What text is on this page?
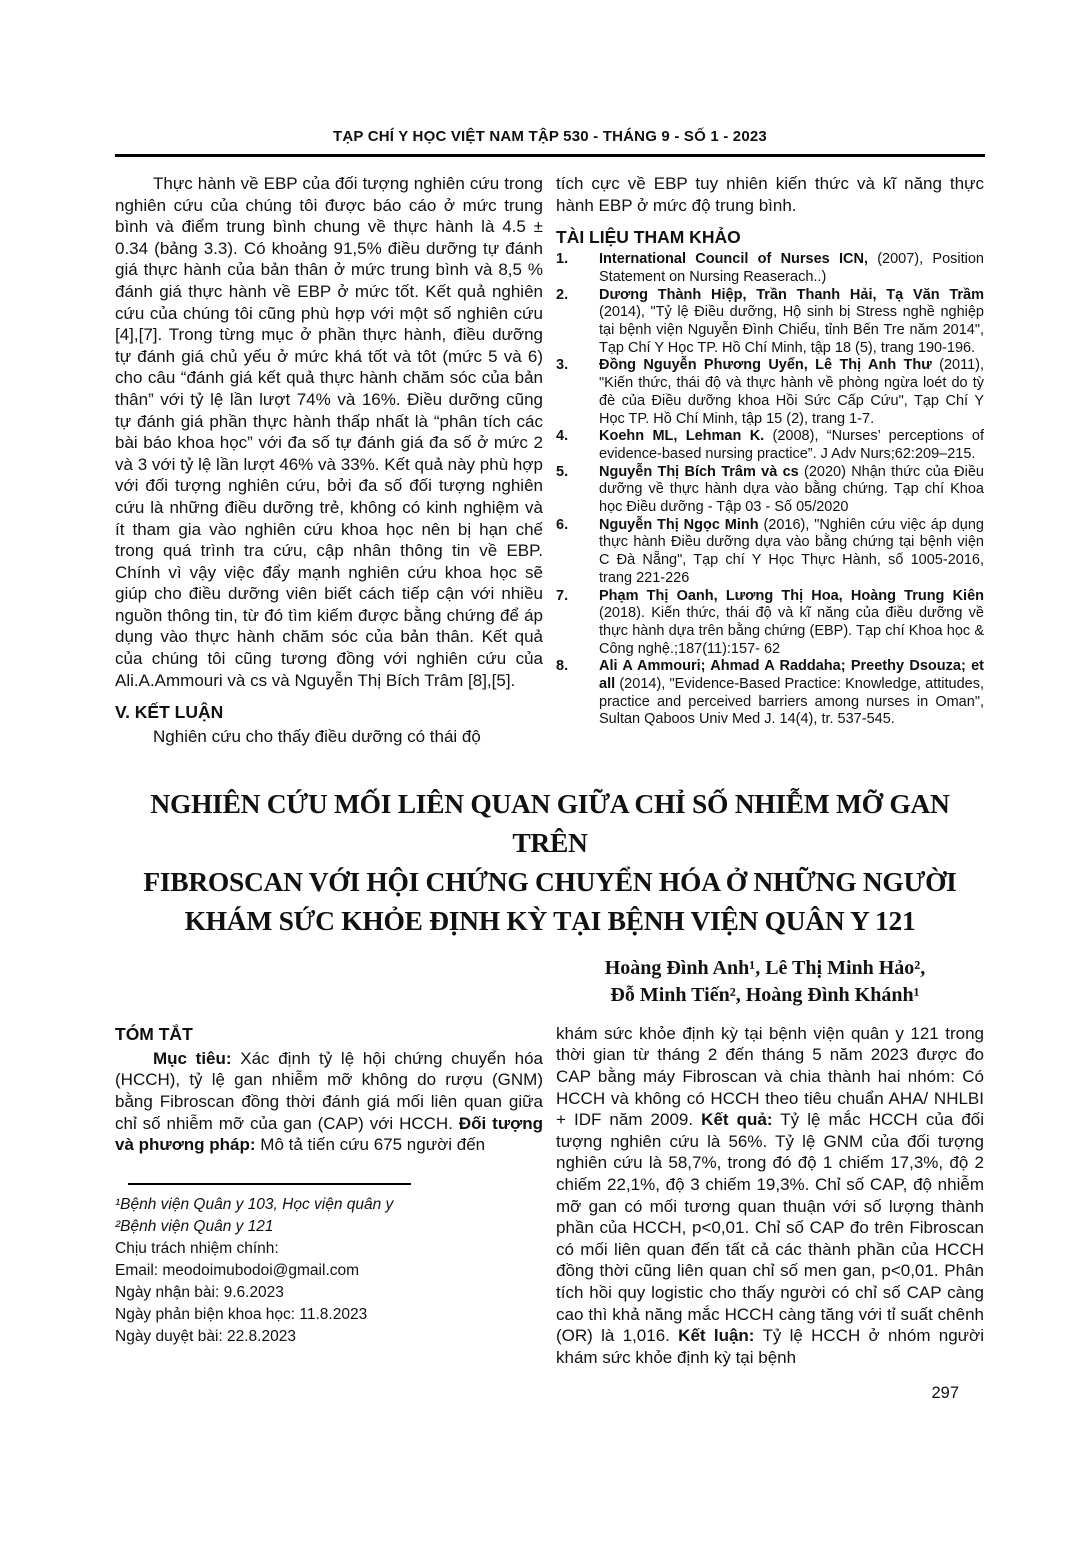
TẠP CHÍ Y HỌC VIỆT NAM TẬP 530 - THÁNG 9 - SỐ 1 - 2023

Thực hành về EBP của đối tượng nghiên cứu trong nghiên cứu của chúng tôi được báo cáo ở mức trung bình và điểm trung bình chung về thực hành là 4.5 ± 0.34 (bảng 3.3). Có khoảng 91,5% điều dưỡng tự đánh giá thực hành của bản thân ở mức trung bình và 8,5 % đánh giá thực hành về EBP ở mức tốt. Kết quả nghiên cứu của chúng tôi cũng phù hợp với một số nghiên cứu [4],[7]. Trong từng mục ở phần thực hành, điều dưỡng tự đánh giá chủ yếu ở mức khá tốt và tôt (mức 5 và 6) cho câu “đánh giá kết quả thực hành chăm sóc của bản thân” với tỷ lệ lần lượt 74% và 16%. Điều dưỡng cũng tự đánh giá phần thực hành thấp nhất là “phân tích các bài báo khoa học” với đa số tự đánh giá đa số ở mức 2 và 3 với tỷ lệ lần lượt 46% và 33%. Kết quả này phù hợp với đối tượng nghiên cứu, bởi đa số đối tượng nghiên cứu là những điều dưỡng trẻ, không có kinh nghiệm và ít tham gia vào nghiên cứu khoa học nên bị hạn chế trong quá trình tra cứu, cập nhân thông tin về EBP. Chính vì vậy việc đẩy mạnh nghiên cứu khoa học sẽ giúp cho điều dưỡng viên biết cách tiếp cận với nhiều nguồn thông tin, từ đó tìm kiếm được bằng chứng để áp dụng vào thực hành chăm sóc của bản thân. Kết quả của chúng tôi cũng tương đồng với nghiên cứu của Ali.A.Ammouri và cs và Nguyễn Thị Bích Trâm [8],[5].

V. KẾT LUẬN

Nghiên cứu cho thấy điều dưỡng có thái độ

tích cực về EBP tuy nhiên kiến thức và kĩ năng thực hành EBP ở mức độ trung bình.

TÀI LIỆU THAM KHẢO
1. International Council of Nurses ICN, (2007), Position Statement on Nursing Reaserach..)
2. Dương Thành Hiệp, Trần Thanh Hải, Tạ Văn Trầm (2014), "Tỷ lệ Điều dưỡng, Hộ sinh bị Stress nghề nghiệp tại bệnh viện Nguyễn Đình Chiểu, tỉnh Bến Tre năm 2014", Tạp Chí Y Học TP. Hồ Chí Minh, tập 18 (5), trang 190-196.
3. Đồng Nguyễn Phương Uyển, Lê Thị Anh Thư (2011), "Kiến thức, thái độ và thực hành về phòng ngừa loét do tỳ đè của Điều dưỡng khoa Hồi Sức Cấp Cứu", Tạp Chí Y Học TP. Hồ Chí Minh, tập 15 (2), trang 1-7.
4. Koehn ML, Lehman K. (2008), “Nurses’ perceptions of evidence-based nursing practice”. J Adv Nurs;62:209–215.
5. Nguyễn Thị Bích Trâm và cs (2020) Nhận thức của Điều dưỡng về thực hành dựa vào bằng chứng. Tạp chí Khoa học Điều dưỡng - Tập 03 - Số 05/2020
6. Nguyễn Thị Ngọc Minh (2016), "Nghiên cứu việc áp dụng thực hành Điều dưỡng dựa vào bằng chứng tại bệnh viện C Đà Nẵng", Tạp chí Y Học Thực Hành, số 1005-2016, trang 221-226
7. Phạm Thị Oanh, Lương Thị Hoa, Hoàng Trung Kiên (2018). Kiến thức, thái độ và kĩ năng của điều dưỡng về thực hành dựa trên bằng chứng (EBP). Tạp chí Khoa học & Công nghệ.;187(11):157- 62
8. Ali A Ammouri; Ahmad A Raddaha; Preethy Dsouza; et all (2014), "Evidence-Based Practice: Knowledge, attitudes, practice and perceived barriers among nurses in Oman", Sultan Qaboos Univ Med J. 14(4), tr. 537-545.
NGHIÊN CỨU MỐI LIÊN QUAN GIỮA CHỈ SỐ NHIỄM MỠ GAN TRÊN
FIBROSCAN VỚI HỘI CHỨNG CHUYỂN HÓA Ở NHỮNG NGƯỜI
KHÁM SỨC KHỎE ĐỊNH KỲ TẠI BỆNH VIỆN QUÂN Y 121
Hoàng Đình Anh¹, Lê Thị Minh Hảo²,
Đỗ Minh Tiến², Hoàng Đình Khánh¹
TÓM TẮT

Mục tiêu: Xác định tỷ lệ hội chứng chuyển hóa (HCCH), tỷ lệ gan nhiễm mỡ không do rượu (GNM) bằng Fibroscan đồng thời đánh giá mối liên quan giữa chỉ số nhiễm mỡ của gan (CAP) với HCCH. Đối tượng và phương pháp: Mô tả tiến cứu 675 người đến

¹Bệnh viện Quân y 103, Học viện quân y
²Bệnh viện Quân y 121
Chịu trách nhiệm chính:
Email: meodoimubodoi@gmail.com
Ngày nhận bài: 9.6.2023
Ngày phản biện khoa học: 11.8.2023
Ngày duyệt bài: 22.8.2023

khám sức khỏe định kỳ tại bệnh viện quân y 121 trong thời gian từ tháng 2 đến tháng 5 năm 2023 được đo CAP bằng máy Fibroscan và chia thành hai nhóm: Có HCCH và không có HCCH theo tiêu chuẩn AHA/ NHLBI + IDF năm 2009. Kết quả: Tỷ lệ mắc HCCH của đối tượng nghiên cứu là 56%. Tỷ lệ GNM của đối tượng nghiên cứu là 58,7%, trong đó độ 1 chiếm 17,3%, độ 2 chiếm 22,1%, độ 3 chiếm 19,3%. Chỉ số CAP, độ nhiễm mỡ gan có mối tương quan thuận với số lượng thành phần của HCCH, p<0,01. Chỉ số CAP đo trên Fibroscan có mối liên quan đến tất cả các thành phần của HCCH đồng thời cũng liên quan chỉ số men gan, p<0,01. Phân tích hồi quy logistic cho thấy người có chỉ số CAP càng cao thì khả năng mắc HCCH càng tăng với tỉ suất chênh (OR) là 1,016. Kết luận: Tỷ lệ HCCH ở nhóm người khám sức khỏe định kỳ tại bệnh

297
